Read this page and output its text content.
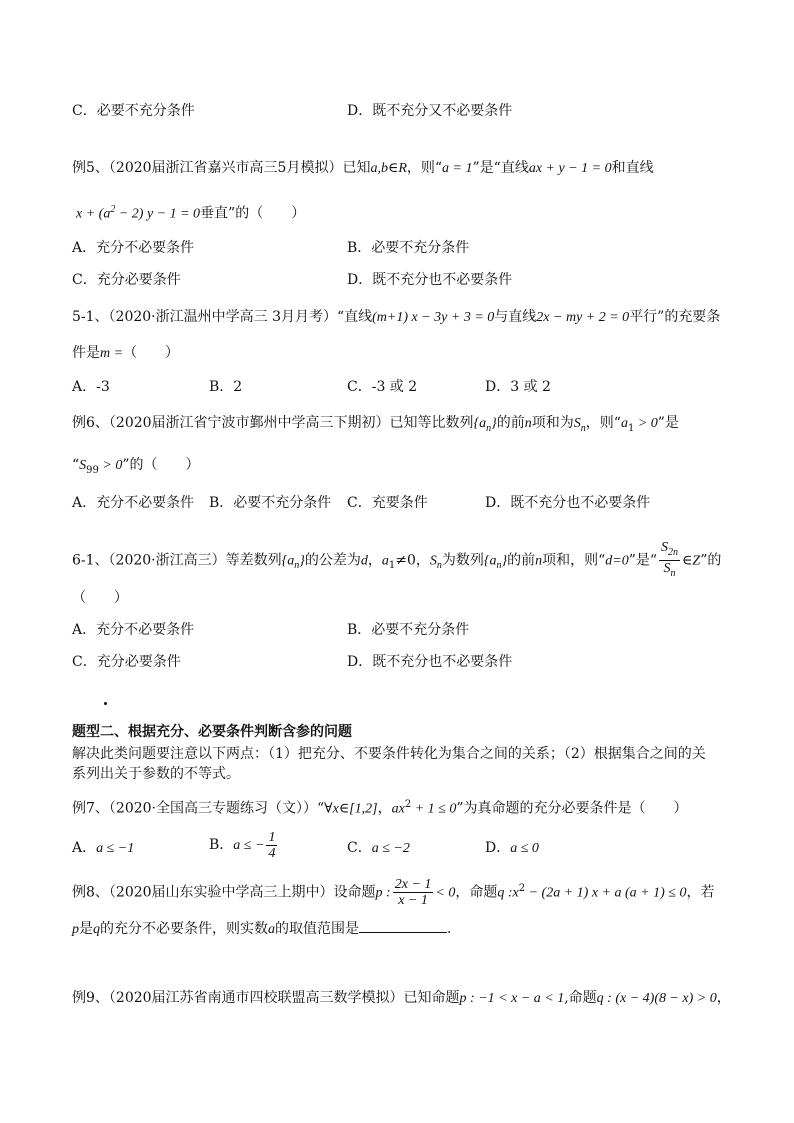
C．必要不充分条件	D．既不充分又不必要条件
例5、（2020届浙江省嘉兴市高三5月模拟）已知a,b∈R，则“a = 1”是“直线ax + y − 1 = 0和直线
$x + (a^2 - 2) y - 1 = 0$垂直”的（　　）
A．充分不必要条件	B．必要不充分条件
C．充分必要条件	D．既不充分也不必要条件
5-1、（2020·浙江温州中学高三 3月月考）“直线(m+1) x − 3y + 3 = 0与直线2x − my + 2 = 0平行”的充要条
件是m =（　　）
A．-3	B．2	C．-3 或 2	D．3 或 2
例6、（2020届浙江省宁波市鄞州中学高三下期初）已知等比数列$\{a_n\}$的前n项和为$S_n$，则“$a_1 > 0$”是
“$S_{99} > 0$”的（　　）
A．充分不必要条件 B．必要不充分条件 C．充要条件	D．既不充分也不必要条件
6-1、（2020·浙江高三）等差数列$\{a_n\}$的公差为d，$a_1\ne 0$，$S_n$为数列$\{a_n\}$的前n项和，则“d=0”是“ $\frac{S_{2n}}{S_n}$ ∈Z”的
（　　）
A．充分不必要条件	B．必要不充分条件
C．充分必要条件	D．既不充分也不必要条件
题型二、根据充分、必要条件判断含参的问题
解决此类问题要注意以下两点：（1）把充分、不要条件转化为集合之间的关系；（2）根据集合之间的关
系列出关于参数的不等式。
例7、（2020·全国高三专题练习（文））“∀x∈[1,2]，$ax^2 + 1 \le 0$”为真命题的充分必要条件是（　　）
A．a ≤ −1	B．a ≤ − $\frac{1}{4}$	C．a ≤ −2	D．a ≤ 0
例8、（2020届山东实验中学高三上期中）设命题p : $\frac{2x - 1}{x - 1} < 0$，命题q $:x^2 - (2a + 1) x + a$ (a + 1) ≤ 0，若
p是q的充分不必要条件，则实数a的取值范围是	.
例9、（2020届江苏省南通市四校联盟高三数学模拟）已知命题p : −1 < x − a < 1,命题q : (x − 4)(8 − x) > 0，
